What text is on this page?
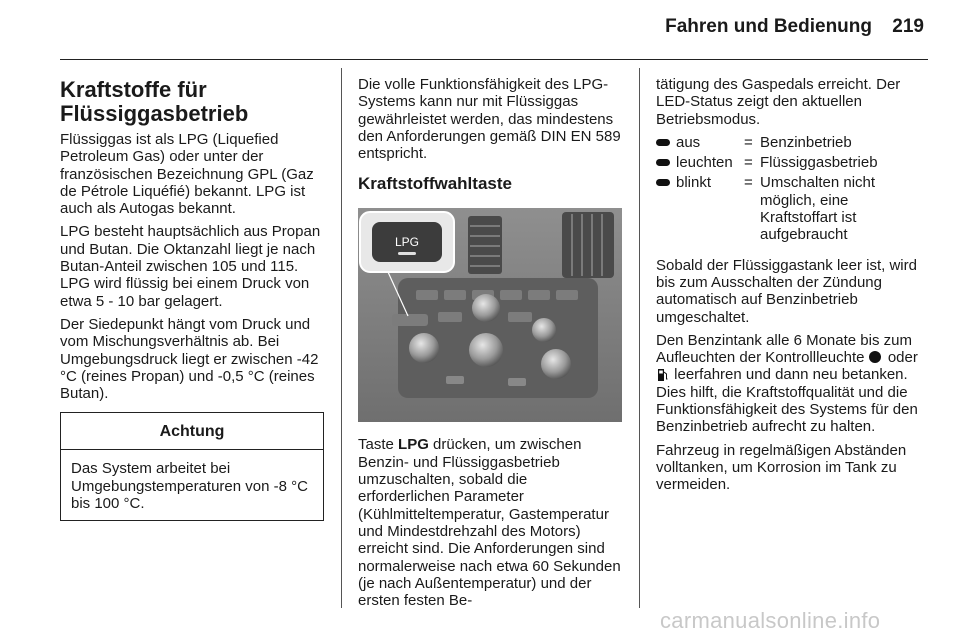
Fahren und Bedienung	219
Kraftstoffe für
Flüssiggasbetrieb

Flüssiggas ist als LPG (Liquefied Petroleum Gas) oder unter der französischen Bezeichnung GPL (Gaz de Pétrole Liquéfié) bekannt. LPG ist auch als Autogas bekannt.

LPG besteht hauptsächlich aus Propan und Butan. Die Oktanzahl liegt je nach Butan-Anteil zwischen 105 und 115. LPG wird flüssig bei einem Druck von etwa 5 - 10 bar gelagert.

Der Siedepunkt hängt vom Druck und vom Mischungsverhältnis ab. Bei Umgebungsdruck liegt er zwischen -42 °C (reines Propan) und -0,5 °C (reines Butan).

Achtung
Das System arbeitet bei Umgebungstemperaturen von -8 °C bis 100 °C.

Die volle Funktionsfähigkeit des LPG-Systems kann nur mit Flüssiggas gewährleistet werden, das mindestens den Anforderungen gemäß DIN EN 589 entspricht.

Kraftstoffwahltaste
LPG

Taste LPG drücken, um zwischen Benzin- und Flüssiggasbetrieb umzuschalten, sobald die erforderlichen Parameter (Kühlmitteltemperatur, Gastemperatur und Mindestdrehzahl des Motors) erreicht sind. Die Anforderungen sind normalerweise nach etwa 60 Sekunden (je nach Außentemperatur) und der ersten festen Be-

tätigung des Gaspedals erreicht. Der LED-Status zeigt den aktuellen Betriebsmodus.

aus	=	Benzinbetrieb
leuchten	=	Flüssiggasbetrieb
blinkt	=	Umschalten nicht möglich, eine Kraftstoffart ist aufgebraucht

Sobald der Flüssiggastank leer ist, wird bis zum Ausschalten der Zündung automatisch auf Benzinbetrieb umgeschaltet.

Den Benzintank alle 6 Monate bis zum Aufleuchten der Kontrollleuchte  oder  leerfahren und dann neu betanken. Dies hilft, die Kraftstoffqualität und die Funktionsfähigkeit des Systems für den Benzinbetrieb aufrecht zu halten.

Fahrzeug in regelmäßigen Abständen volltanken, um Korrosion im Tank zu vermeiden.

carmanualsonline.info
